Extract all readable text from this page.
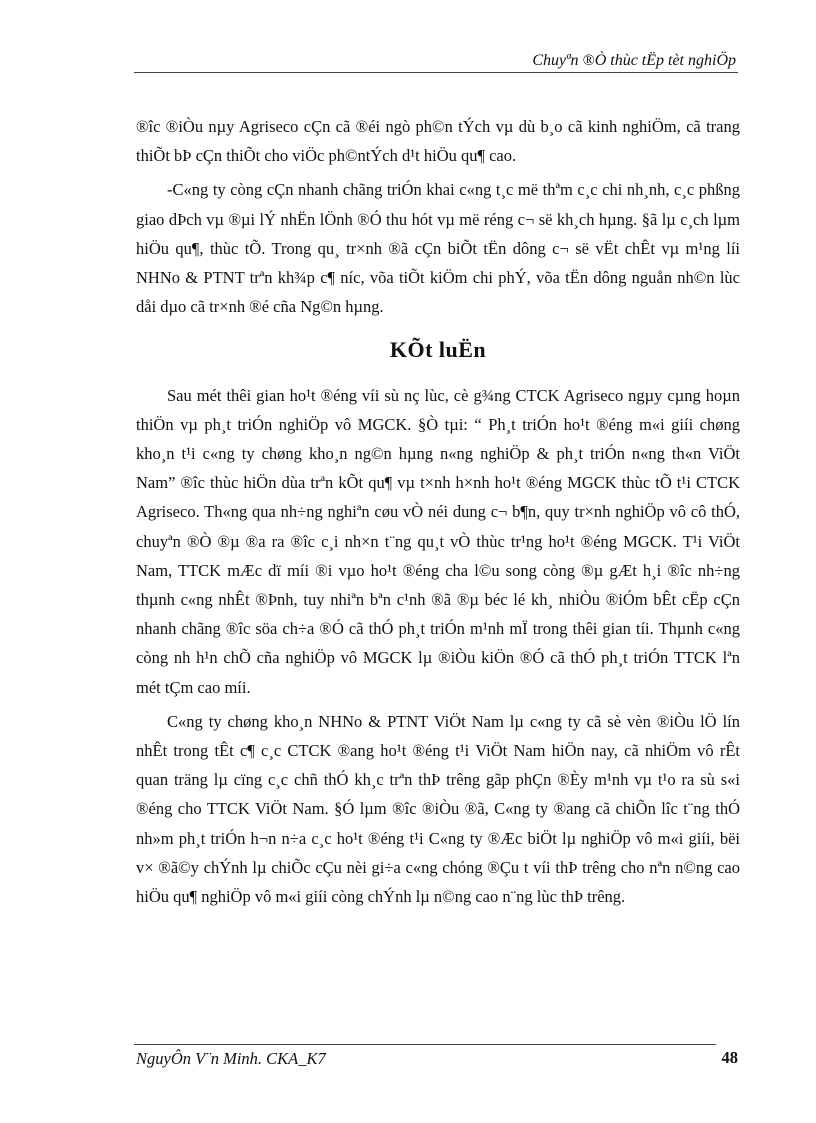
Chuyªn ®Ò thùc tËp tèt nghiÖp

®îc ®iÒu nµy Agriseco cÇn cã ®éi ngò ph©n tÝch vµ dù b¸o cã kinh nghiÖm, cã trang thiÕt bÞ cÇn thiÕt cho viÖc ph©ntÝch d¹t hiÖu qu¶ cao.

-C«ng ty còng cÇn nhanh chãng triÓn khai c«ng t¸c më thªm c¸c chi nh¸nh, c¸c phßng giao dÞch vµ ®µi lÝ nhËn lÖnh ®Ó thu hót vµ më réng c¬ së kh¸ch hµng. §ã lµ c¸ch lµm hiÖu qu¶, thùc tÕ. Trong qu¸ tr×nh ®ã cÇn biÕt tËn dông c¬ së vËt chÊt vµ m¹ng líi NHNo & PTNT trªn kh¾p c¶ níc, võa tiÕt kiÖm chi phÝ, võa tËn dông nguån nh©n lùc dåi dµo cã tr×nh ®é cña Ng©n hµng.

KÕt luËn

Sau mét thêi gian ho¹t ®éng víi sù nç lùc, cè g¾ng CTCK Agriseco ngµy cµng hoµn thiÖn vµ ph¸t triÓn nghiÖp vô MGCK. §Ò tµi: “ Ph¸t triÓn ho¹t ®éng m«i giíi chøng kho¸n t¹i c«ng ty chøng kho¸n ng©n hµng n«ng nghiÖp & ph¸t triÓn n«ng th«n ViÖt Nam” ®îc thùc hiÖn dùa trªn kÕt qu¶ vµ t×nh h×nh ho¹t ®éng MGCK thùc tÕ t¹i CTCK Agriseco. Th«ng qua nh÷ng nghiªn cøu vÒ néi dung c¬ b¶n, quy tr×nh nghiÖp vô cô thÓ, chuyªn ®Ò ®µ ®a ra ®îc c¸i nh×n t¨ng qu¸t vÒ thùc tr¹ng ho¹t ®éng MGCK. T¹i ViÖt Nam, TTCK mÆc dï míi ®i vµo ho¹t ®éng cha l©u song còng ®µ gÆt h¸i ®îc nh÷ng thµnh c«ng nhÊt ®Þnh, tuy nhiªn bªn c¹nh ®ã ®µ béc lé kh¸ nhiÒu ®iÓm bÊt cËp cÇn nhanh chãng ®îc söa ch÷a ®Ó cã thÓ ph¸t triÓn m¹nh mÏ trong thêi gian tíi. Thµnh c«ng còng nh h¹n chÕ cña nghiÖp vô MGCK lµ ®iÒu kiÖn ®Ó cã thÓ ph¸t triÓn TTCK lªn mét tÇm cao míi.

C«ng ty chøng kho¸n NHNo & PTNT ViÖt Nam lµ c«ng ty cã sè vèn ®iÒu lÖ lín nhÊt trong tÊt c¶ c¸c CTCK ®ang ho¹t ®éng t¹i ViÖt Nam hiÖn nay, cã nhiÖm vô rÊt quan träng lµ cïng c¸c chñ thÓ kh¸c trªn thÞ trêng gãp phÇn ®Èy m¹nh vµ t¹o ra sù s«i ®éng cho TTCK ViÖt Nam. §Ó lµm ®îc ®iÒu ®ã, C«ng ty ®ang cã chiÕn lîc t¨ng thÓ nh»m ph¸t triÓn h¬n n÷a c¸c ho¹t ®éng t¹i C«ng ty ®Æc biÖt lµ nghiÖp vô m«i giíi, bëi v× ®ã©y chÝnh lµ chiÕc cÇu nèi gi÷a c«ng chóng ®Çu t víi thÞ trêng cho nªn n©ng cao hiÖu qu¶ nghiÖp vô m«i giíi còng chÝnh lµ n©ng cao n¨ng lùc thÞ trêng.

NguyÔn V¨n Minh. CKA_K7	48
